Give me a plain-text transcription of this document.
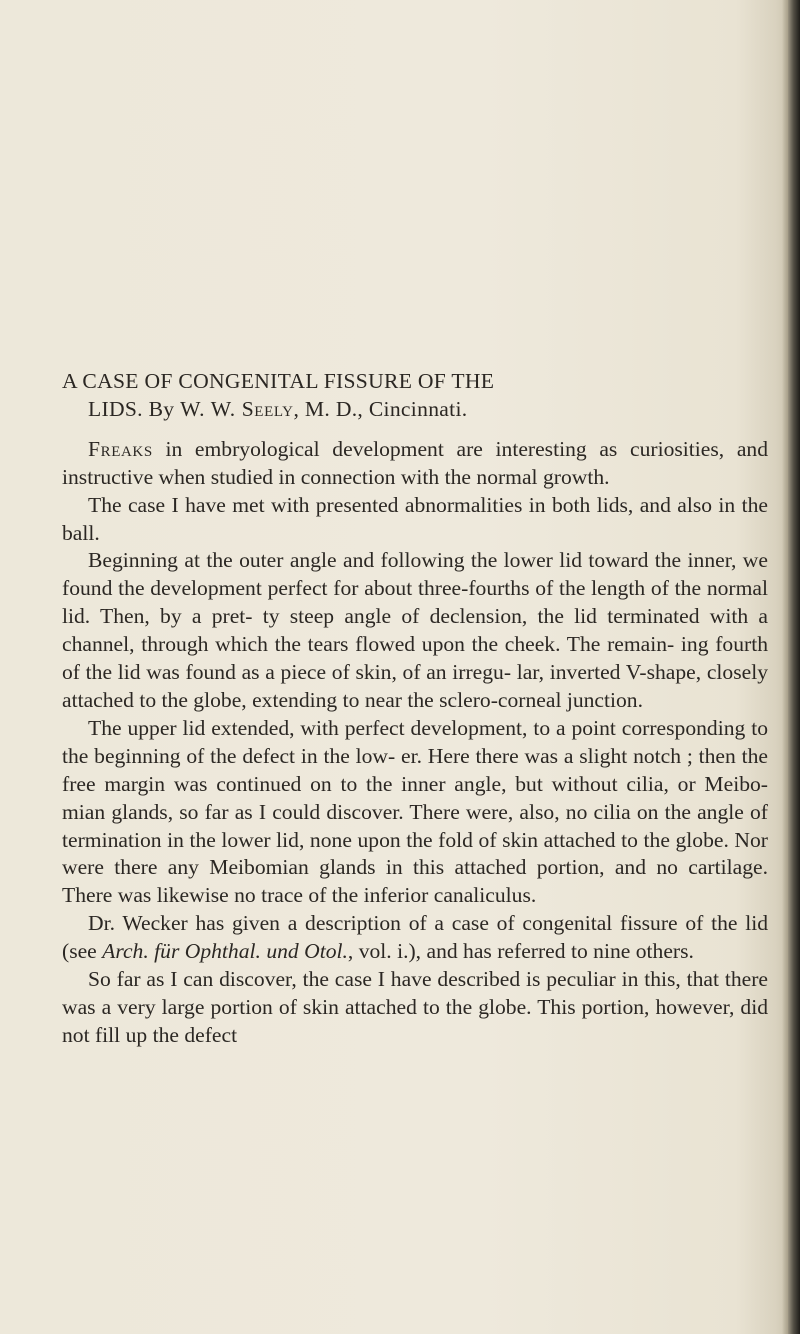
A CASE OF CONGENITAL FISSURE OF THE
LIDS. By W. W. Seely, M. D., Cincinnati.

Freaks in embryological development are interesting as curiosities, and instructive when studied in connection with the normal growth.

The case I have met with presented abnormalities in both lids, and also in the ball.

Beginning at the outer angle and following the lower lid toward the inner, we found the development perfect for about three-fourths of the length of the normal lid. Then, by a pret- ty steep angle of declension, the lid terminated with a channel, through which the tears flowed upon the cheek. The remain- ing fourth of the lid was found as a piece of skin, of an irregu- lar, inverted V-shape, closely attached to the globe, extending to near the sclero-corneal junction.

The upper lid extended, with perfect development, to a point corresponding to the beginning of the defect in the low- er. Here there was a slight notch ; then the free margin was continued on to the inner angle, but without cilia, or Meibo- mian glands, so far as I could discover. There were, also, no cilia on the angle of termination in the lower lid, none upon the fold of skin attached to the globe. Nor were there any Meibomian glands in this attached portion, and no cartilage. There was likewise no trace of the inferior canaliculus.

Dr. Wecker has given a description of a case of congenital fissure of the lid (see Arch. für Ophthal. und Otol., vol. i.), and has referred to nine others.

So far as I can discover, the case I have described is peculiar in this, that there was a very large portion of skin attached to the globe. This portion, however, did not fill up the defect
